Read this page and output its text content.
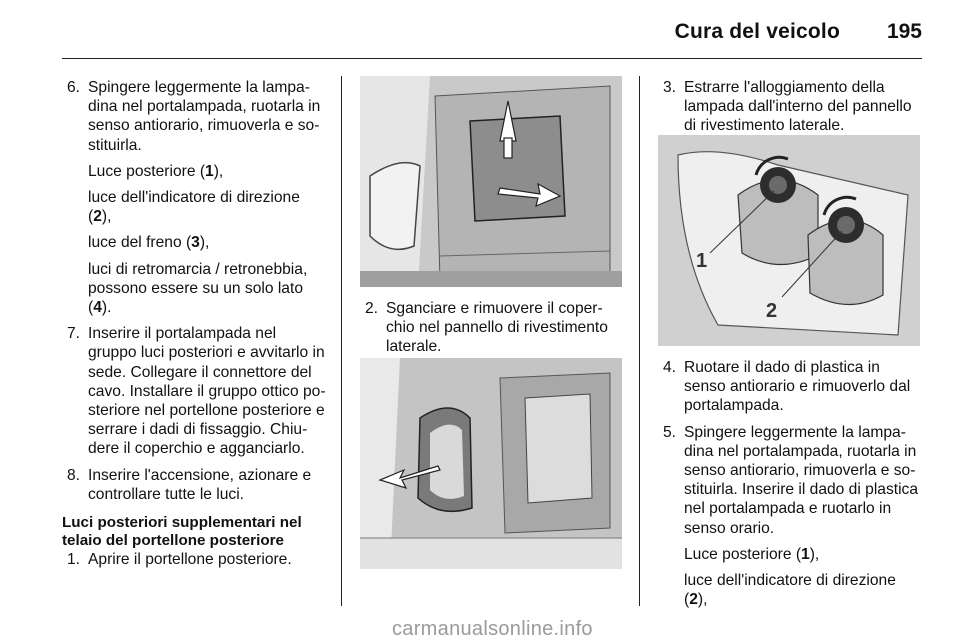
Cura del veicolo 195
6. Spingere leggermente la lampadina nel portalampada, ruotarla in senso antiorario, rimuoverla e sostituirla.
Luce posteriore (1),
luce dell'indicatore di direzione (2),
luce del freno (3),
luci di retromarcia / retronebbia, possono essere su un solo lato (4).
7. Inserire il portalampada nel gruppo luci posteriori e avvitarlo in sede. Collegare il connettore del cavo. Installare il gruppo ottico posteriore nel portellone posteriore e serrare i dadi di fissaggio. Chiudere il coperchio e agganciarlo.
8. Inserire l'accensione, azionare e controllare tutte le luci.
Luci posteriori supplementari nel telaio del portellone posteriore
1. Aprire il portellone posteriore.
2. Sganciare e rimuovere il coperchio nel pannello di rivestimento laterale.
3. Estrarre l'alloggiamento della lampada dall'interno del pannello di rivestimento laterale.
1
2
4. Ruotare il dado di plastica in senso antiorario e rimuoverlo dal portalampada.
5. Spingere leggermente la lampadina nel portalampada, ruotarla in senso antiorario, rimuoverla e sostituirla. Inserire il dado di plastica nel portalampada e ruotarlo in senso orario.
Luce posteriore (1),
luce dell'indicatore di direzione (2),
carmanualsonline.info
